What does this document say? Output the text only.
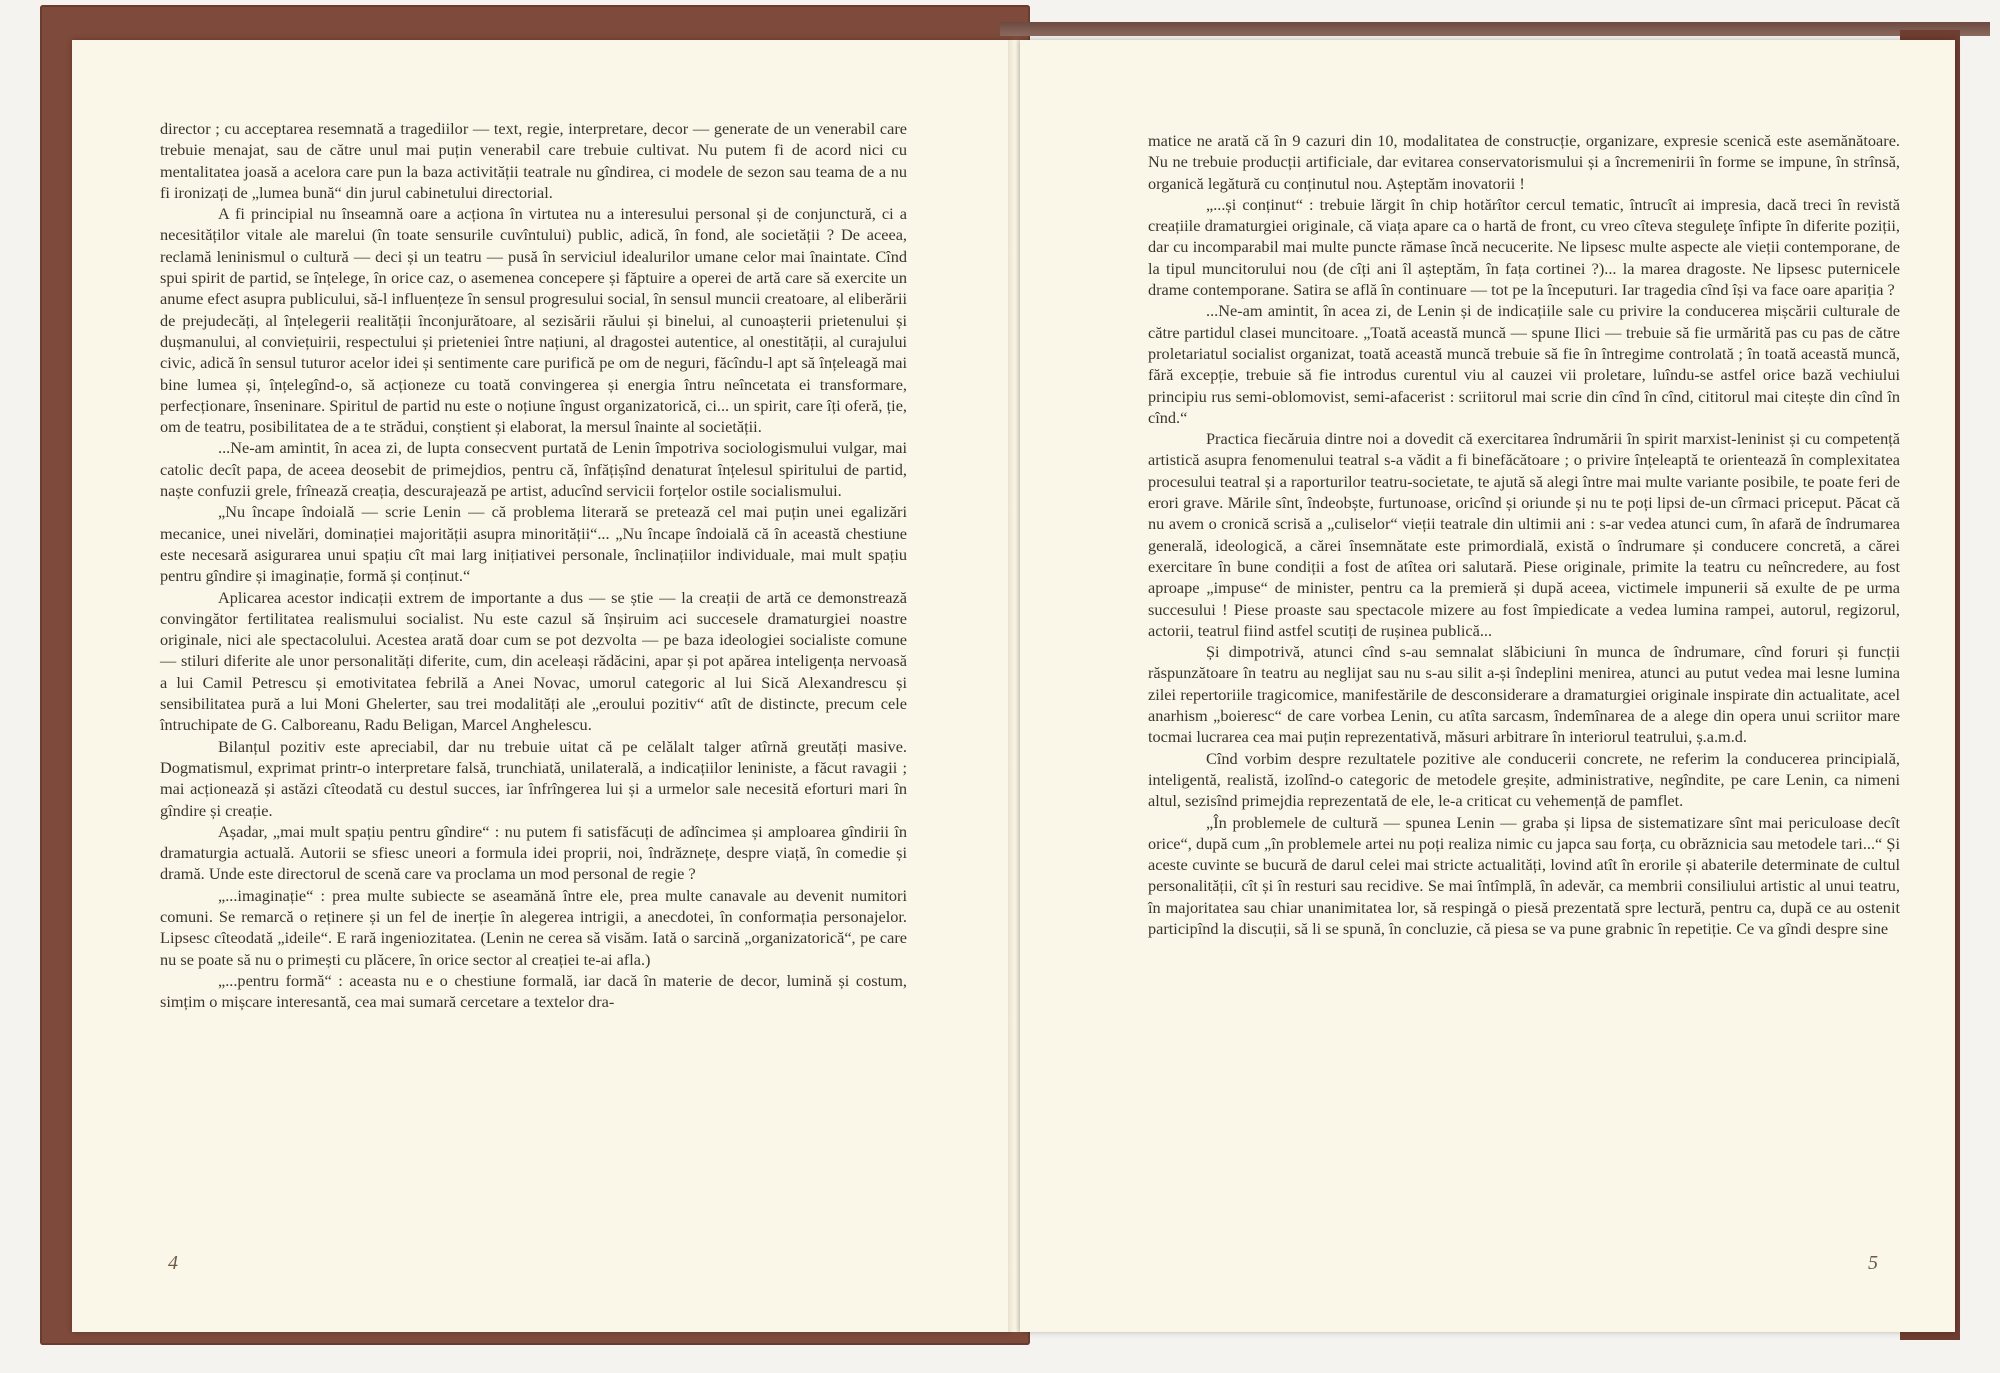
director ; cu acceptarea resemnată a tragediilor — text, regie, interpretare, decor — generate de un venerabil care trebuie menajat, sau de către unul mai puțin venerabil care trebuie cultivat. Nu putem fi de acord nici cu mentalitatea joasă a acelora care pun la baza activității teatrale nu gîndirea, ci modele de sezon sau teama de a nu fi ironizați de „lumea bună“ din jurul cabinetului directorial.

A fi principial nu înseamnă oare a acționa în virtutea nu a interesului personal și de conjunctură, ci a necesităților vitale ale marelui (în toate sensurile cuvîntului) public, adică, în fond, ale societății ? De aceea, reclamă leninismul o cultură — deci și un teatru — pusă în serviciul idealurilor umane celor mai înaintate. Cînd spui spirit de partid, se înțelege, în orice caz, o asemenea concepere și făptuire a operei de artă care să exercite un anume efect asupra publicului, să-l influențeze în sensul progresului social, în sensul muncii creatoare, al eliberării de prejudecăți, al înțelegerii realității înconjurătoare, al sezisării răului și binelui, al cunoașterii prietenului și dușmanului, al conviețuirii, respectului și prieteniei între națiuni, al dragostei autentice, al onestității, al curajului civic, adică în sensul tuturor acelor idei și sentimente care purifică pe om de neguri, făcîndu-l apt să înțeleagă mai bine lumea și, înțelegînd-o, să acționeze cu toată convingerea și energia întru neîncetata ei transformare, perfecționare, înseninare. Spiritul de partid nu este o noțiune îngust organizatorică, ci... un spirit, care îți oferă, ție, om de teatru, posibilitatea de a te strădui, conștient și elaborat, la mersul înainte al societății.

...Ne-am amintit, în acea zi, de lupta consecvent purtată de Lenin împotriva sociologismului vulgar, mai catolic decît papa, de aceea deosebit de primejdios, pentru că, înfățișînd denaturat înțelesul spiritului de partid, naște confuzii grele, frînează creația, descurajează pe artist, aducînd servicii forțelor ostile socialismului.

„Nu încape îndoială — scrie Lenin — că problema literară se pretează cel mai puțin unei egalizări mecanice, unei nivelări, dominației majorității asupra minorității“... „Nu încape îndoială că în această chestiune este necesară asigurarea unui spațiu cît mai larg inițiativei personale, înclinațiilor individuale, mai mult spațiu pentru gîndire și imaginație, formă și conținut.“

Aplicarea acestor indicații extrem de importante a dus — se știe — la creații de artă ce demonstrează convingător fertilitatea realismului socialist. Nu este cazul să înșiruim aci succesele dramaturgiei noastre originale, nici ale spectacolului. Acestea arată doar cum se pot dezvolta — pe baza ideologiei socialiste comune — stiluri diferite ale unor personalități diferite, cum, din aceleași rădăcini, apar și pot apărea inteligența nervoasă a lui Camil Petrescu și emotivitatea febrilă a Anei Novac, umorul categoric al lui Sică Alexandrescu și sensibilitatea pură a lui Moni Ghelerter, sau trei modalități ale „eroului pozitiv“ atît de distincte, precum cele întruchipate de G. Calboreanu, Radu Beligan, Marcel Anghelescu.

Bilanțul pozitiv este apreciabil, dar nu trebuie uitat că pe celălalt talger atîrnă greutăți masive. Dogmatismul, exprimat printr-o interpretare falsă, trunchiată, unilaterală, a indicațiilor leniniste, a făcut ravagii ; mai acționează și astăzi cîteodată cu destul succes, iar înfrîngerea lui și a urmelor sale necesită eforturi mari în gîndire și creație.

Așadar, „mai mult spațiu pentru gîndire“ : nu putem fi satisfăcuți de adîncimea și amploarea gîndirii în dramaturgia actuală. Autorii se sfiesc uneori a formula idei proprii, noi, îndrăznețe, despre viață, în comedie și dramă. Unde este directorul de scenă care va proclama un mod personal de regie ?

„...imaginație“ : prea multe subiecte se aseamănă între ele, prea multe canavale au devenit numitori comuni. Se remarcă o reținere și un fel de inerție în alegerea intrigii, a anecdotei, în conformația personajelor. Lipsesc cîteodată „ideile“. E rară ingeniozitatea. (Lenin ne cerea să visăm. Iată o sarcină „organizatorică“, pe care nu se poate să nu o primești cu plăcere, în orice sector al creației te-ai afla.)

„...pentru formă“ : aceasta nu e o chestiune formală, iar dacă în materie de decor, lumină și costum, simțim o mișcare interesantă, cea mai sumară cercetare a textelor dra-

4

matice ne arată că în 9 cazuri din 10, modalitatea de construcție, organizare, expresie scenică este asemănătoare. Nu ne trebuie producții artificiale, dar evitarea conservatorismului și a încremenirii în forme se impune, în strînsă, organică legătură cu conținutul nou. Așteptăm inovatorii !

„...și conținut“ : trebuie lărgit în chip hotărîtor cercul tematic, întrucît ai impresia, dacă treci în revistă creațiile dramaturgiei originale, că viața apare ca o hartă de front, cu vreo cîteva steguleţe înfipte în diferite poziții, dar cu incomparabil mai multe puncte rămase încă necucerite. Ne lipsesc multe aspecte ale vieții contemporane, de la tipul muncitorului nou (de cîți ani îl așteptăm, în fața cortinei ?)... la marea dragoste. Ne lipsesc puternicele drame contemporane. Satira se află în continuare — tot pe la începuturi. Iar tragedia cînd își va face oare apariția ?

...Ne-am amintit, în acea zi, de Lenin și de indicațiile sale cu privire la conducerea mișcării culturale de către partidul clasei muncitoare. „Toată această muncă — spune Ilici — trebuie să fie urmărită pas cu pas de către proletariatul socialist organizat, toată această muncă trebuie să fie în întregime controlată ; în toată această muncă, fără excepție, trebuie să fie introdus curentul viu al cauzei vii proletare, luîndu-se astfel orice bază vechiului principiu rus semi-oblomovist, semi-afacerist : scriitorul mai scrie din cînd în cînd, cititorul mai citește din cînd în cînd.“

Practica fiecăruia dintre noi a dovedit că exercitarea îndrumării în spirit marxist-leninist și cu competență artistică asupra fenomenului teatral s-a vădit a fi binefăcătoare ; o privire înțeleaptă te orientează în complexitatea procesului teatral și a raporturilor teatru-societate, te ajută să alegi între mai multe variante posibile, te poate feri de erori grave. Mările sînt, îndeobște, furtunoase, oricînd și oriunde și nu te poți lipsi de-un cîrmaci priceput. Păcat că nu avem o cronică scrisă a „culiselor“ vieții teatrale din ultimii ani : s-ar vedea atunci cum, în afară de îndrumarea generală, ideologică, a cărei însemnătate este primordială, există o îndrumare și conducere concretă, a cărei exercitare în bune condiții a fost de atîtea ori salutară. Piese originale, primite la teatru cu neîncredere, au fost aproape „impuse“ de minister, pentru ca la premieră și după aceea, victimele impunerii să exulte de pe urma succesului ! Piese proaste sau spectacole mizere au fost împiedicate a vedea lumina rampei, autorul, regizorul, actorii, teatrul fiind astfel scutiți de rușinea publică...

Și dimpotrivă, atunci cînd s-au semnalat slăbiciuni în munca de îndrumare, cînd foruri și funcții răspunzătoare în teatru au neglijat sau nu s-au silit a-și îndeplini menirea, atunci au putut vedea mai lesne lumina zilei repertoriile tragicomice, manifestările de desconsiderare a dramaturgiei originale inspirate din actualitate, acel anarhism „boieresc“ de care vorbea Lenin, cu atîta sarcasm, îndemînarea de a alege din opera unui scriitor mare tocmai lucrarea cea mai puțin reprezentativă, măsuri arbitrare în interiorul teatrului, ș.a.m.d.

Cînd vorbim despre rezultatele pozitive ale conducerii concrete, ne referim la conducerea principială, inteligentă, realistă, izolînd-o categoric de metodele greșite, administrative, negîndite, pe care Lenin, ca nimeni altul, sezisînd primejdia reprezentată de ele, le-a criticat cu vehemență de pamflet.

„În problemele de cultură — spunea Lenin — graba și lipsa de sistematizare sînt mai periculoase decît orice“, după cum „în problemele artei nu poți realiza nimic cu japca sau forța, cu obrăznicia sau metodele tari...“ Și aceste cuvinte se bucură de darul celei mai stricte actualități, lovind atît în erorile și abaterile determinate de cultul personalității, cît și în resturi sau recidive. Se mai întîmplă, în adevăr, ca membrii consiliului artistic al unui teatru, în majoritatea sau chiar unanimitatea lor, să respingă o piesă prezentată spre lectură, pentru ca, după ce au ostenit participînd la discuții, să li se spună, în concluzie, că piesa se va pune grabnic în repetiție. Ce va gîndi despre sine

5
